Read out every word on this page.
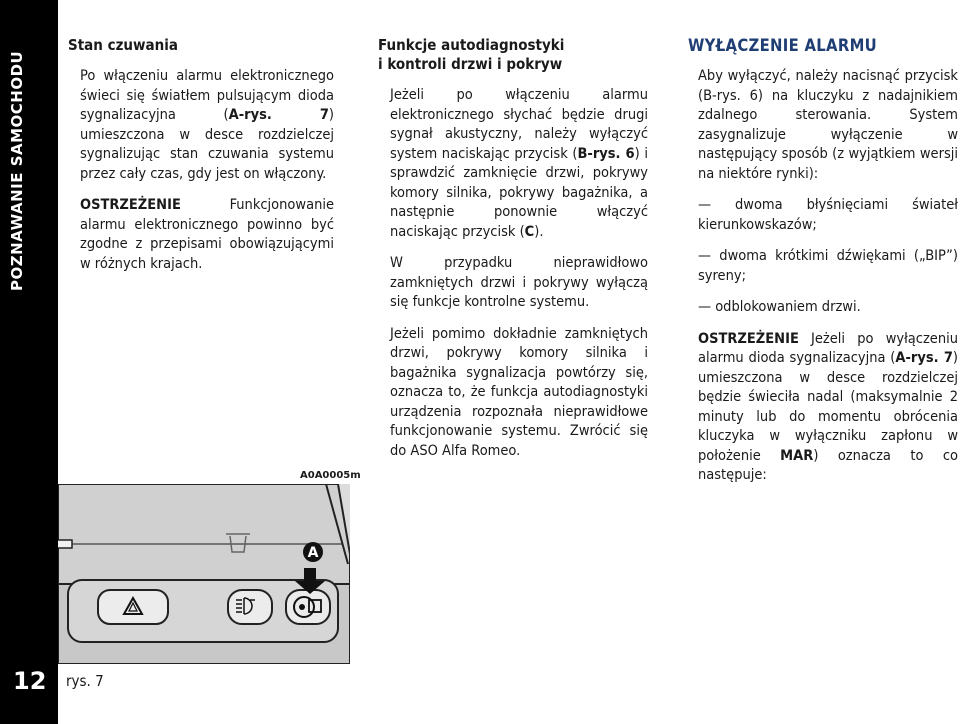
POZNAWANIE SAMOCHODU
12
Stan czuwania

Po włączeniu alarmu elektronicznego świeci się światłem pulsującym dioda sygnalizacyjna (A-rys. 7) umieszczona w desce rozdzielczej sygnalizując stan czuwania systemu przez cały czas, gdy jest on włączony.

OSTRZEŻENIE Funkcjonowanie alarmu elektronicznego powinno być zgodne z przepisami obowiązującymi w różnych krajach.

Funkcje autodiagnostyki
i kontroli drzwi i pokryw

Jeżeli po włączeniu alarmu elektronicznego słychać będzie drugi sygnał akustyczny, należy wyłączyć system naciskając przycisk (B-rys. 6) i sprawdzić zamknięcie drzwi, pokrywy komory silnika, pokrywy bagażnika, a następnie ponownie włączyć naciskając przycisk (C).

W przypadku nieprawidłowo zamkniętych drzwi i pokrywy wyłączą się funkcje kontrolne systemu.

Jeżeli pomimo dokładnie zamkniętych drzwi, pokrywy komory silnika i bagażnika sygnalizacja powtórzy się, oznacza to, że funkcja autodiagnostyki urządzenia rozpoznała nieprawidłowe funkcjonowanie systemu. Zwrócić się do ASO Alfa Romeo.

WYŁĄCZENIE ALARMU

Aby wyłączyć, należy nacisnąć przycisk (B-rys. 6) na kluczyku z nadajnikiem zdalnego sterowania. System zasygnalizuje wyłączenie w następujący sposób (z wyjątkiem wersji na niektóre rynki):

— dwoma błyśnięciami świateł kierunkowskazów;

— dwoma krótkimi dźwiękami („BIP”) syreny;

— odblokowaniem drzwi.

OSTRZEŻENIE Jeżeli po wyłączeniu alarmu dioda sygnalizacyjna (A-rys. 7) umieszczona w desce rozdzielczej będzie świeciła nadal (maksymalnie 2 minuty lub do momentu obrócenia kluczyka w wyłączniku zapłonu w położenie MAR) oznacza to co następuje:

A0A0005m
A
rys. 7
